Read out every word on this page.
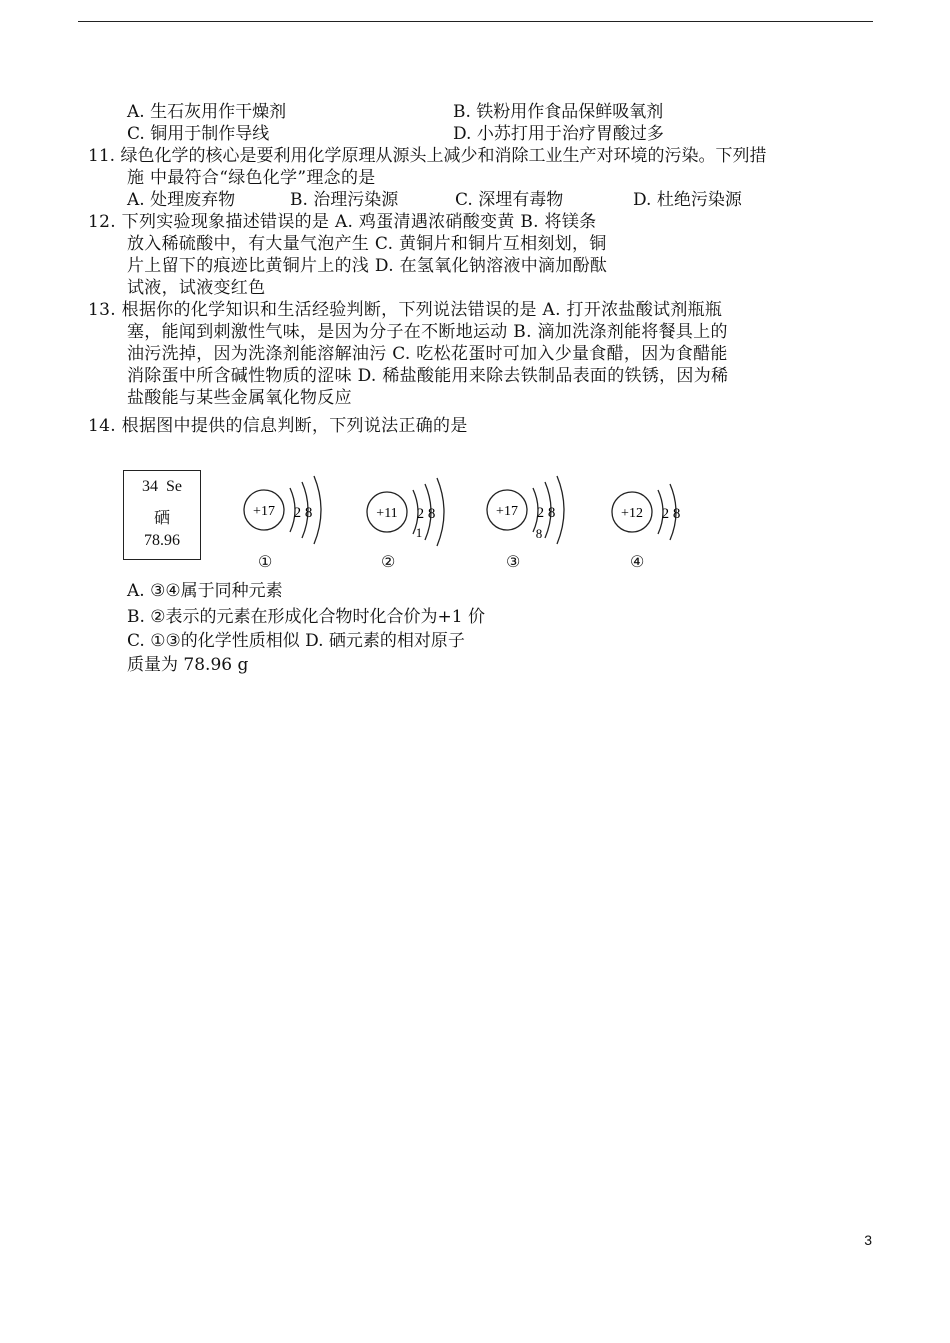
A. 生石灰用作干燥剂	B. 铁粉用作食品保鲜吸氧剂
C. 铜用于制作导线	D. 小苏打用于治疗胃酸过多
11. 绿色化学的核心是要利用化学原理从源头上减少和消除工业生产对环境的污染。下列措
施 中最符合“绿色化学”理念的是
A. 处理废弃物	B. 治理污染源	C. 深埋有毒物	D. 杜绝污染源
12. 下列实验现象描述错误的是 A. 鸡蛋清遇浓硝酸变黄 B. 将镁条
放入稀硫酸中，有大量气泡产生 C. 黄铜片和铜片互相刻划，铜
片上留下的痕迹比黄铜片上的浅 D. 在氢氧化钠溶液中滴加酚酞
试液，试液变红色
13. 根据你的化学知识和生活经验判断，下列说法错误的是 A. 打开浓盐酸试剂瓶瓶
塞，能闻到刺激性气味，是因为分子在不断地运动 B. 滴加洗涤剂能将餐具上的
油污洗掉，因为洗涤剂能溶解油污 C. 吃松花蛋时可加入少量食醋，因为食醋能
消除蛋中所含碱性物质的涩味 D. 稀盐酸能用来除去铁制品表面的铁锈，因为稀
盐酸能与某些金属氧化物反应
14. 根据图中提供的信息判断，下列说法正确的是
34 Se
硒
78.96
+17 2 8
①
+11 2 8
1
②
+17 2 8
8
③
+12 2 8
④
A. ③④属于同种元素
B. ②表示的元素在形成化合物时化合价为+1 价
C. ①③的化学性质相似 D. 硒元素的相对原子
质量为 78.96 g
3
